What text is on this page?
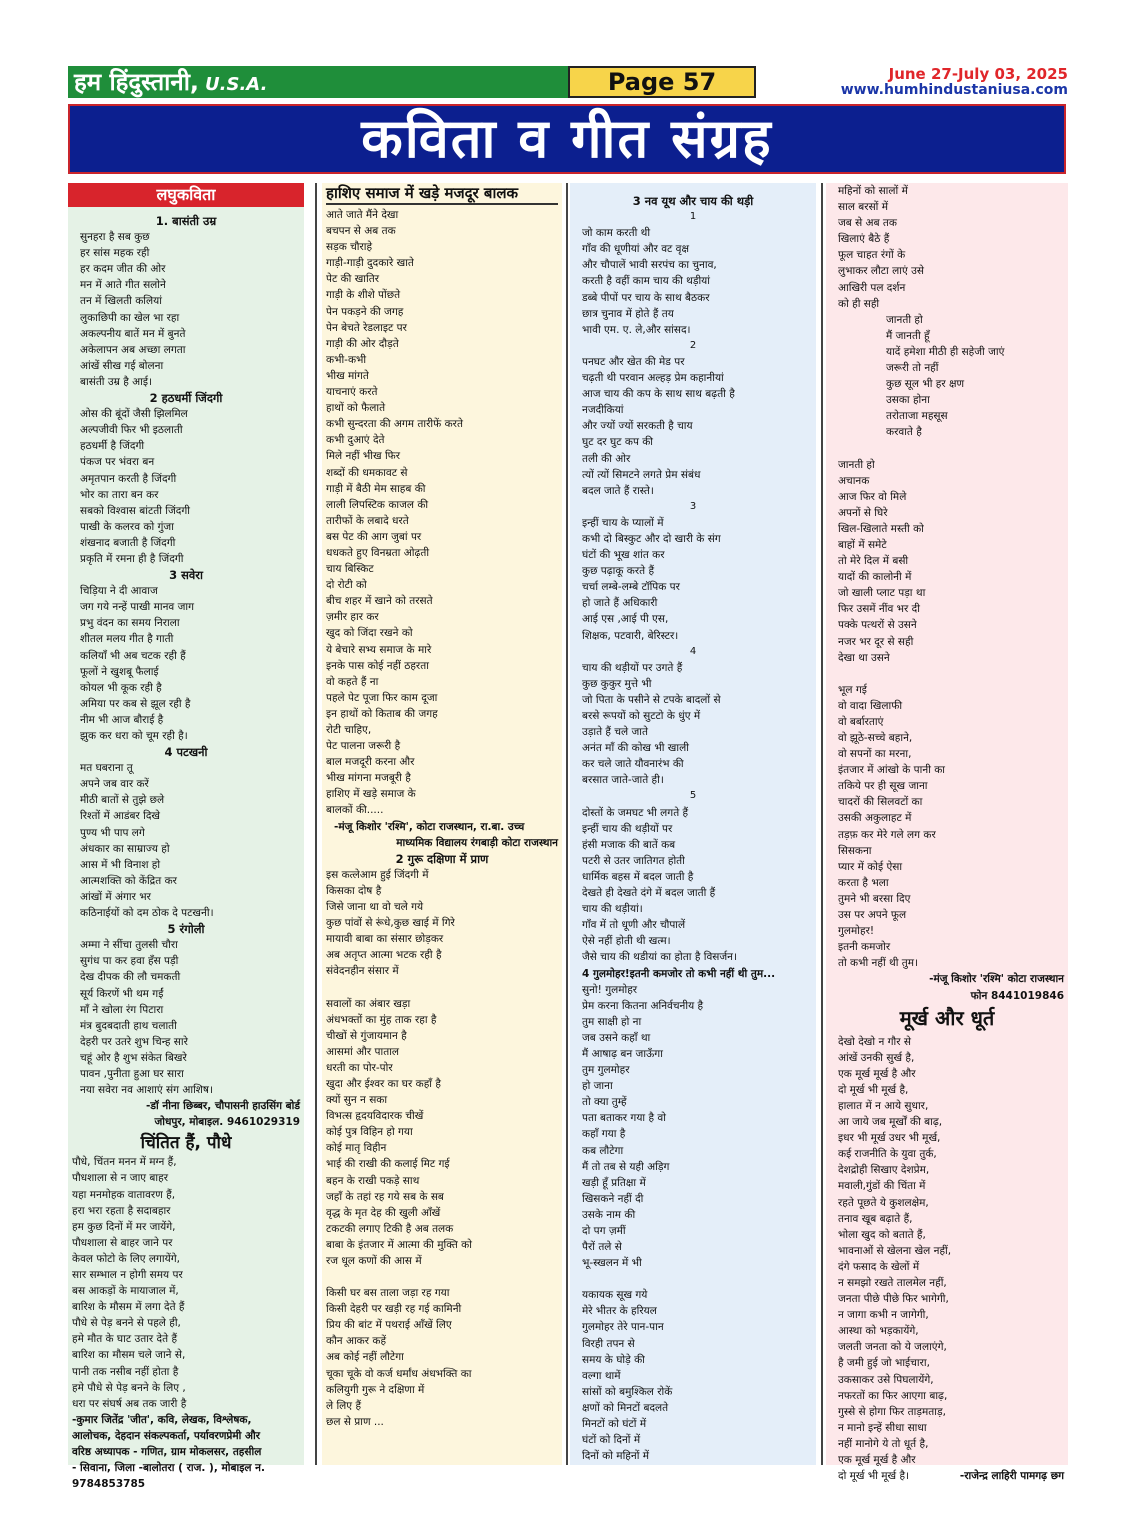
हम हिंदुस्तानी, U.S.A.	Page 57	June 27-July 03, 2025
www.humhindustaniusa.com
कविता व गीत संग्रह
लघुकविता
1. बासंती उम्र
सुनहरा है सब कुछ
हर सांस महक रही
हर कदम जीत की ओर
मन में आते गीत सलोने
तन में खिलती कलियां
लुकाछिपी का खेल भा रहा
अकल्पनीय बातें मन में बुनते
अकेलापन अब अच्छा लगता
आंखें सीख गई बोलना
बासंती उम्र है आई।
2 हठधर्मी जिंदगी
ओस की बूंदों जैसी झिलमिल
अल्पजीवी फिर भी इठलाती
हठधर्मी है जिंदगी
पंकज पर भंवरा बन
अमृतपान करती है जिंदगी
भोर का तारा बन कर
सबको विश्वास बांटती जिंदगी
पाखी के कलरव को गुंजा
शंखनाद बजाती है जिंदगी
प्रकृति में रमना ही है जिंदगी
3 सवेरा
चिड़िया ने दी आवाज
जग गये नन्हें पाखी मानव जाग
प्रभु वंदन का समय निराला
शीतल मलय गीत है गाती
कलियाँ भी अब चटक रही हैं
फूलों ने खुशबू फैलाई
कोयल भी कूक रही है
अमिया पर कब से झूल रही है
नीम भी आज बौराई है
झुक कर धरा को चूम रही है।
4 पटखनी
मत घबराना तू
अपने जब वार करें
मीठी बातों से तुझे छले
रिश्तों में आडंबर दिखे
पुण्य भी पाप लगे
अंधकार का साम्राज्य हो
आस में भी विनाश हो
आत्मशक्ति को केंद्रित कर
आंखों में अंगार भर
कठिनाईयों को दम ठोक दे पटखनी।
5 रंगोली
अम्मा ने सींचा तुलसी चौरा
सुगंध पा कर हवा हँस पड़ी
देख दीपक की लौ चमकती
सूर्य किरणें भी थम गईं
माँ ने खोला रंग पिटारा
मंत्र बुदबदाती हाथ चलाती
देहरी पर उतरे शुभ चिन्ह सारे
चहूं ओर है शुभ संकेत बिखरे
पावन ,पुनीता हुआ घर सारा
नया सवेरा नव आशाएं संग आशिष।
-डॉ नीना छिब्बर, चौपासनी हाउसिंग बोर्ड
जोधपुर, मोबाइल. 9461029319
चिंतित हैं, पौधे
पौधे, चिंतन मनन में मग्न हैं,
पौधशाला से न जाए बाहर
यहा मनमोहक वातावरण हैं,
हरा भरा रहता है सदाबहार
हम कुछ दिनों में मर जायेंगे,
पौधशाला से बाहर जाने पर
केवल फोटो के लिए लगायेंगे,
सार सम्भाल न होगी समय पर
बस आकड़ों के मायाजाल में,
बारिश के मौसम में लगा देते हैं
पौधे से पेड़ बनने से पहले ही,
हमे मौत के घाट उतार देते हैं
बारिश का मौसम चले जाने से,
पानी तक नसीब नहीं होता है
हमे पौधे से पेड़ बनने के लिए ,
धरा पर संघर्ष अब तक जारी है
-कुमार जितेंद्र 'जीत', कवि, लेखक, विश्लेषक,
आलोचक, देहदान संकल्पकर्ता, पर्यावरणप्रेमी और
वरिष्ठ अध्यापक - गणित, ग्राम मोकलसर, तहसील
- सिवाना, जिला -बालोतरा ( राज. ), मोबाइल न.
9784853785
हाशिए समाज में खड़े मजदूर बालक
आते जाते मैंने देखा
बचपन से अब तक
सड़क चौराहे
गाड़ी-गाड़ी दुदकारे खाते
पेट की खातिर
गाड़ी के शीशे पोंछते
पेन पकड़ने की जगह
पेन बेचते रेडलाइट पर
गाड़ी की ओर दौड़ते
कभी-कभी
भीख मांगते
याचनाएं करते
हाथों को फैलाते
कभी सुन्दरता की अगम तारीफें करते
कभी दुआएं देते
मिले नहीं भीख फिर
शब्दों की धमकावट से
गाड़ी में बैठी मेम साहब की
लाली लिपस्टिक काजल की
तारीफों के लबादे धरते
बस पेट की आग जुबां पर
धधकते हुए विनम्रता ओढ़ती
चाय बिस्किट
दो रोटी को
बीच शहर में खाने को तरसते
ज़मीर हार कर
खुद को जिंदा रखने को
ये बेचारे सभ्य समाज के मारे
इनके पास कोई नहीं ठहरता
वो कहते हैं ना
पहले पेट पूजा फिर काम दूजा
इन हाथों को किताब की जगह
रोटी चाहिए,
पेट पालना जरूरी है
बाल मजदूरी करना और
भीख मांगना मजबूरी है
हाशिए में खड़े समाज के
बालकों की.....
-मंजू किशोर 'रश्मि', कोटा राजस्थान, रा.बा. उच्च
माध्यमिक विद्यालय रंगबाड़ी कोटा राजस्थान
2 गुरू दक्षिणा में प्राण
इस कत्लेआम हुई जिंदगी में
किसका दोष है
जिसे जाना था वो चले गये
कुछ पांवों से रूंधे,कुछ खाई में गिरे
मायावी बाबा का संसार छोड़कर
अब अतृप्त आत्मा भटक रही है
संवेदनहीन संसार में
सवालों का अंबार खड़ा
अंधभक्तों का मुंह ताक रहा है
चीखों से गुंजायमान है
आसमां और पाताल
धरती का पोर-पोर
खुदा और ईश्वर का घर कहाँ है
क्यों सुन न सका
विभत्स हृदयविदारक चीखें
कोई पुत्र विहिन हो गया
कोई मातृ विहीन
भाई की राखी की कलाई मिट गई
बहन के राखी पकड़े साथ
जहाँ के तहां रह गये सब के सब
वृद्ध के मृत देह की खुली आँखें
टकटकी लगाए टिकी है अब तलक
बाबा के इंतजार में आत्मा की मुक्ति को
रज धूल कणों की आस में
किसी घर बस ताला जड़ा रह गया
किसी देहरी पर खड़ी रह गई कामिनी
प्रिय की बांट में पथराई आँखें लिए
कौन आकर कहें
अब कोई नहीं लौटेगा
चूका चूके वो कर्ज धर्मांध अंधभक्ति का
कलियुगी गुरू ने दक्षिणा में
ले लिए हैं
छल से प्राण ...
3 नव यूथ और चाय की थड़ी
1
जो काम करती थी
गाँव की धूणीयां और वट वृक्ष
और चौपालें भावी सरपंच का चुनाव,
करती है वहीं काम चाय की थड़ीयां
डब्बे पीपों पर चाय के साथ बैठकर
छात्र चुनाव में होते हैं तय
भावी एम. ए. ले,और सांसद।
2
पनघट और खेत की मेड पर
चढ़ती थी परवान अल्हड़ प्रेम कहानीयां
आज चाय की कप के साथ साथ बढ़ती है
नजदीकियां
और ज्यों ज्यों सरकती है चाय
घुट दर घुट कप की
तली की ओर
त्यों त्यों सिमटने लगते प्रेम संबंध
बदल जाते हैं रास्ते।
3
इन्हीं चाय के प्यालों में
कभी दो बिस्कुट और दो खारी के संग
घंटों की भूख शांत कर
कुछ पढ़ाकू करते हैं
चर्चा लम्बे-लम्बे टॉपिक पर
हो जाते हैं अधिकारी
आई एस ,आई पी एस,
शिक्षक, पटवारी, बेरिस्टर।
4
चाय की थड़ीयों पर उगते हैं
कुछ कुकुर मुत्ते भी
जो पिता के पसीने से टपके बादलों से
बरसे रूपयों को सुटटो के धुंए में
उड़ाते हैं चले जाते
अनंत माँ की कोख भी खाली
कर चले जाते यौवनारंभ की
बरसात जाते-जाते ही।
5
दोस्तों के जमघट भी लगते हैं
इन्हीं चाय की थड़ीयों पर
हंसी मजाक की बातें कब
पटरी से उतर जातिगत होती
धार्मिक बहस में बदल जाती है
देखते ही देखते दंगे में बदल जाती हैं
चाय की थड़ीयां।
गाँव में तो धूणी और चौपालें
ऐसे नहीं होती थी खत्म।
जैसे चाय की थडीयां का होता है विसर्जन।
4 गुलमोहर!इतनी कमजोर तो कभी नहीं थी तुम...
सुनो! गुलमोहर
प्रेम करना कितना अनिर्वचनीय है
तुम साक्षी हो ना
जब उसने कहाँ था
मैं आषाढ़ बन जाऊँगा
तुम गुलमोहर
हो जाना
तो क्या तुम्हें
पता बताकर गया है वो
कहाँ गया है
कब लौटेगा
मैं तो तब से यही अड़िग
खड़ी हूँ प्रतिक्षा में
खिसकने नहीं दी
उसके नाम की
दो पग ज़मीं
पैरों तले से
भू-स्खलन में भी
यकायक सूख गये
मेरे भीतर के हरियल
गुलमोहर तेरे पान-पान
विरही तपन से
समय के घोड़े की
वल्गा थामें
सांसों को बमुश्किल रोकें
क्षणों को मिनटों बदलते
मिनटों को घंटों में
घंटों को दिनों में
दिनों को महिनों में
महिनों को सालों में
साल बरसों में
जब से अब तक
खिलाएं बैठे हैं
फूल चाहत रंगों के
लुभाकर लौटा लाएं उसे
आखिरी पल दर्शन
को ही सही
जानती हो
मैं जानती हूँ
यादें हमेशा मीठी ही सहेजी जाएं
जरूरी तो नहीं
कुछ सूल भी हर क्षण
उसका होना
तरोताजा महसूस
करवाते है
जानती हो
अचानक
आज फिर वो मिले
अपनों से घिरे
खिल-खिलाते मस्ती को
बाहों में समेटे
तो मेरे दिल में बसी
यादों की कालोनी में
जो खाली प्लाट पड़ा था
फिर उसमें नींव भर दी
पक्के पत्थरों से उसने
नजर भर दूर से सही
देखा था उसने
भूल गई
वो वादा खिलाफी
वो बर्बारताएं
वो झूठे-सच्चे बहाने,
वो सपनों का मरना,
इंतजार में आंखो के पानी का
तकिये पर ही सूख जाना
चादरों की सिलवटों का
उसकी अकुलाहट में
तड़फ़ कर मेरे गले लग कर
सिसकना
प्यार में कोई ऐसा
करता है भला
तुमने भी बरसा दिए
उस पर अपने फूल
गुलमोहर!
इतनी कमजोर
तो कभी नहीं थी तुम।
-मंजू किशोर 'रश्मि' कोटा राजस्थान
फोन 8441019846
मूर्ख और धूर्त
देखो देखो न गौर से
आंखें उनकी सुर्ख है,
एक मूर्ख मूर्ख है और
दो मूर्ख भी मूर्ख है,
हालात में न आये सुधार,
आ जाये जब मूर्खों की बाढ़,
इधर भी मूर्ख उधर भी मूर्ख,
कई राजनीति के युवा तुर्क,
देशद्रोही सिखाए देशप्रेम,
मवाली,गुंडों की चिंता में
रहते पूछते ये कुशलक्षेम,
तनाव खूब बढ़ाते हैं,
भोला खुद को बताते हैं,
भावनाओं से खेलना खेल नहीं,
दंगे फसाद के खेलों में
न समझो रखते तालमेल नहीं,
जनता पीछे पीछे फिर भागेगी,
न जागा कभी न जागेगी,
आस्था को भड़कायेंगे,
जलती जनता को ये जलाएंगे,
है जमी हुई जो भाईचारा,
उकसाकर उसे पिघलायेंगे,
नफरतों का फिर आएगा बाढ़,
गुस्से से होगा फिर ताड़मताड़,
न मानो इन्हें सीधा साधा
नहीं मानोगे ये तो धूर्त है,
एक मूर्ख मूर्ख है और
दो मूर्ख भी मूर्ख है।	-राजेन्द्र लाहिरी पामगढ़ छग
